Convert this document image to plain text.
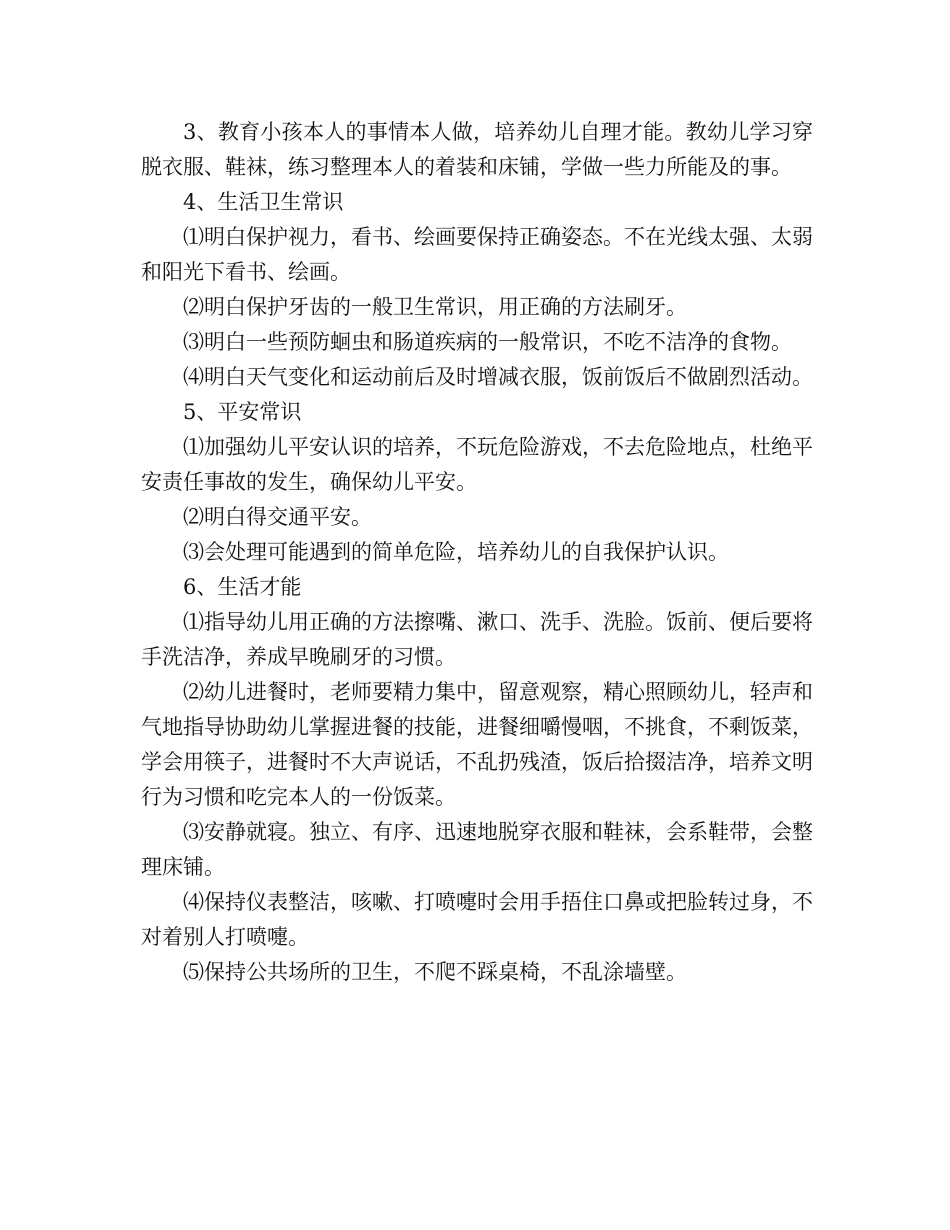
3、教育小孩本人的事情本人做，培养幼儿自理才能。教幼儿学习穿脱衣服、鞋袜，练习整理本人的着装和床铺，学做一些力所能及的事。

4、生活卫生常识

⑴明白保护视力，看书、绘画要保持正确姿态。不在光线太强、太弱和阳光下看书、绘画。

⑵明白保护牙齿的一般卫生常识，用正确的方法刷牙。

⑶明白一些预防蛔虫和肠道疾病的一般常识，不吃不洁净的食物。

⑷明白天气变化和运动前后及时增减衣服，饭前饭后不做剧烈活动。

5、平安常识

⑴加强幼儿平安认识的培养，不玩危险游戏，不去危险地点，杜绝平安责任事故的发生，确保幼儿平安。

⑵明白得交通平安。

⑶会处理可能遇到的简单危险，培养幼儿的自我保护认识。

6、生活才能

⑴指导幼儿用正确的方法擦嘴、漱口、洗手、洗脸。饭前、便后要将手洗洁净，养成早晚刷牙的习惯。

⑵幼儿进餐时，老师要精力集中，留意观察，精心照顾幼儿，轻声和气地指导协助幼儿掌握进餐的技能，进餐细嚼慢咽，不挑食，不剩饭菜，学会用筷子，进餐时不大声说话，不乱扔残渣，饭后拾掇洁净，培养文明行为习惯和吃完本人的一份饭菜。

⑶安静就寝。独立、有序、迅速地脱穿衣服和鞋袜，会系鞋带，会整理床铺。

⑷保持仪表整洁，咳嗽、打喷嚏时会用手捂住口鼻或把脸转过身，不对着别人打喷嚏。

⑸保持公共场所的卫生，不爬不踩桌椅，不乱涂墙壁。
